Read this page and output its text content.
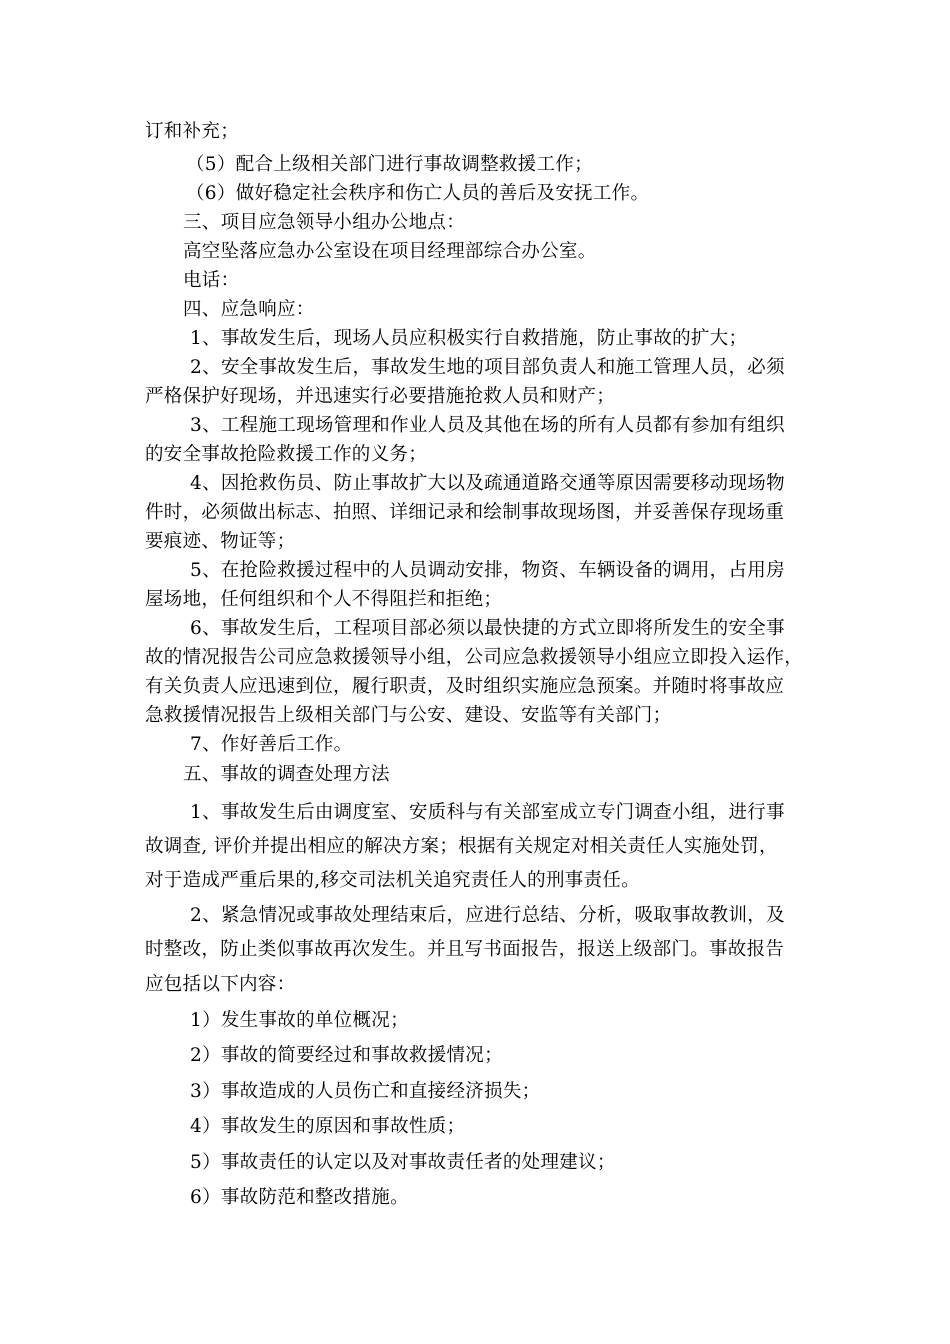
订和补充；
（5）配合上级相关部门进行事故调整救援工作；
（6）做好稳定社会秩序和伤亡人员的善后及安抚工作。
三、项目应急领导小组办公地点：
高空坠落应急办公室设在项目经理部综合办公室。
电话：
四、应急响应：
1、事故发生后，现场人员应积极实行自救措施，防止事故的扩大；
2、安全事故发生后，事故发生地的项目部负责人和施工管理人员，必须
严格保护好现场，并迅速实行必要措施抢救人员和财产；
3、工程施工现场管理和作业人员及其他在场的所有人员都有参加有组织
的安全事故抢险救援工作的义务；
4、因抢救伤员、防止事故扩大以及疏通道路交通等原因需要移动现场物
件时，必须做出标志、拍照、详细记录和绘制事故现场图，并妥善保存现场重
要痕迹、物证等；
5、在抢险救援过程中的人员调动安排，物资、车辆设备的调用，占用房
屋场地，任何组织和个人不得阻拦和拒绝；
6、事故发生后，工程项目部必须以最快捷的方式立即将所发生的安全事
故的情况报告公司应急救援领导小组，公司应急救援领导小组应立即投入运作，
有关负责人应迅速到位，履行职责，及时组织实施应急预案。并随时将事故应
急救援情况报告上级相关部门与公安、建设、安监等有关部门；
7、作好善后工作。
五、事故的调查处理方法
1、事故发生后由调度室、安质科与有关部室成立专门调查小组，进行事
故调查, 评价并提出相应的解决方案；根据有关规定对相关责任人实施处罚，
对于造成严重后果的,移交司法机关追究责任人的刑事责任。
2、紧急情况或事故处理结束后，应进行总结、分析，吸取事故教训，及
时整改，防止类似事故再次发生。并且写书面报告，报送上级部门。事故报告
应包括以下内容：
1）发生事故的单位概况；
2）事故的简要经过和事故救援情况；
3）事故造成的人员伤亡和直接经济损失；
4）事故发生的原因和事故性质；
5）事故责任的认定以及对事故责任者的处理建议；
6）事故防范和整改措施。
